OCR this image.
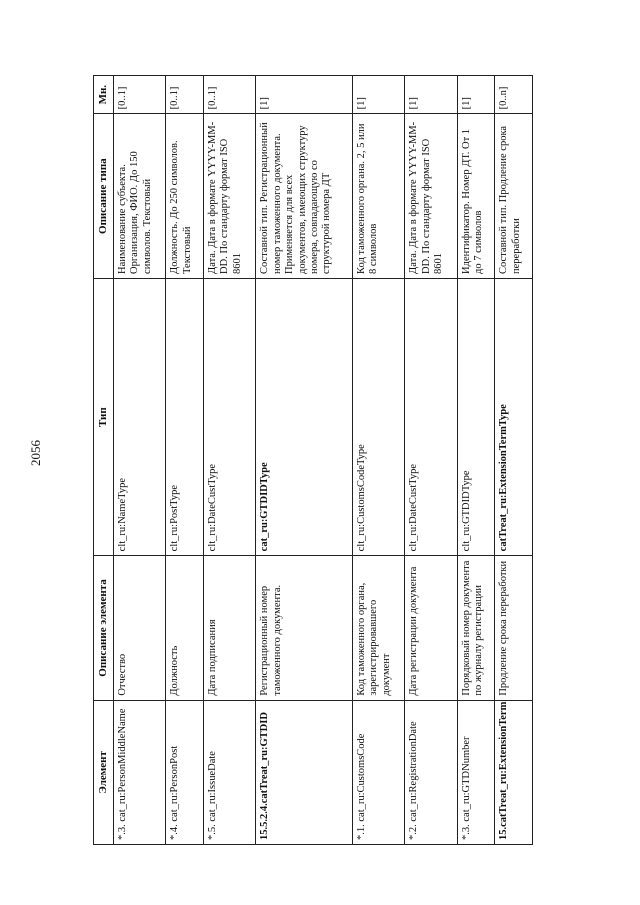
2056
Элемент	Описание элемента	Тип	Описание типа	Мн.
*.3. cat_ru:PersonMiddleName	Отчество	clt_ru:NameType	Наименование субъекта. Организация, ФИО. До 150 символов. Текстовый	[0..1]
*.4. cat_ru:PersonPost	Должность	clt_ru:PostType	Должность. До 250 символов. Текстовый	[0..1]
*.5. cat_ru:IssueDate	Дата подписания	clt_ru:DateCustType	Дата. Дата в формате YYYY-MM-DD. По стандарту формат ISO 8601	[0..1]
15.5.2.4.catTreat_ru:GTDID	Регистрационный номер таможенного документа.	cat_ru:GTDIDType	Составной тип. Регистрационный номер таможенного документа. Применяется для всех документов, имеющих структуру номера, совпадающую со структурой номера ДТ	[1]
*.1. cat_ru:CustomsCode	Код таможенного органа, зарегистрировавшего документ	clt_ru:CustomsCodeType	Код таможенного органа. 2, 5 или 8 символов	[1]
*.2. cat_ru:RegistrationDate	Дата регистрации документа	clt_ru:DateCustType	Дата. Дата в формате YYYY-MM-DD. По стандарту формат ISO 8601	[1]
*.3. cat_ru:GTDNumber	Порядковый номер документа по журналу регистрации	clt_ru:GTDIDType	Идентификатор. Номер ДТ. От 1 до 7 символов	[1]
15.catTreat_ru:ExtensionTerm	Продление срока переработки	catTreat_ru:ExtensionTermType	Составной тип. Продление срока переработки	[0..n]
